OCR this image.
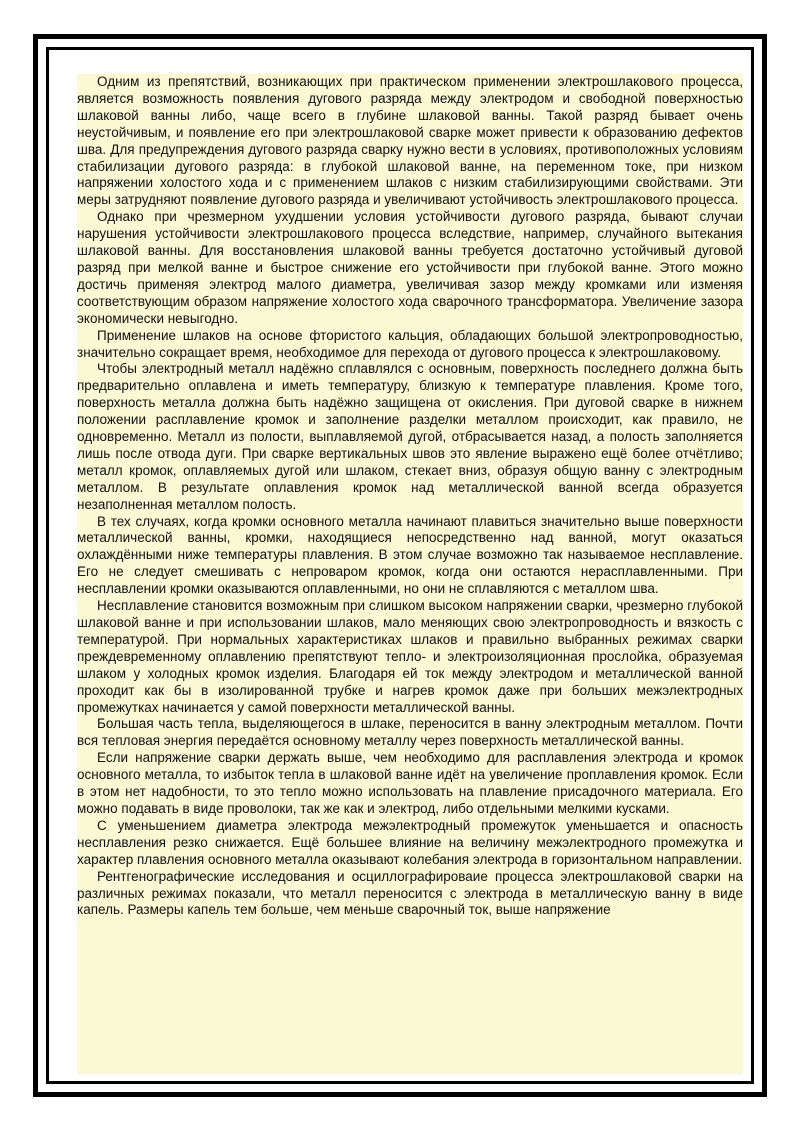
Одним из препятствий, возникающих при практическом применении электрошлакового процесса, является возможность появления дугового разряда между электродом и свободной поверхностью шлаковой ванны либо, чаще всего в глубине шлаковой ванны. Такой разряд бывает очень неустойчивым, и появление его при электрошлаковой сварке может привести к образованию дефектов шва. Для предупреждения дугового разряда сварку нужно вести в условиях, противоположных условиям стабилизации дугового разряда: в глубокой шлаковой ванне, на переменном токе, при низком напряжении холостого хода и с применением шлаков с низким стабилизирующими свойствами. Эти меры затрудняют появление дугового разряда и увеличивают устойчивость электрошлакового процесса.

Однако при чрезмерном ухудшении условия устойчивости дугового разряда, бывают случаи нарушения устойчивости электрошлакового процесса вследствие, например, случайного вытекания шлаковой ванны. Для восстановления шлаковой ванны требуется достаточно устойчивый дуговой разряд при мелкой ванне и быстрое снижение его устойчивости при глубокой ванне. Этого можно достичь применяя электрод малого диаметра, увеличивая зазор между кромками или изменяя соответствующим образом напряжение холостого хода сварочного трансформатора. Увеличение зазора экономически невыгодно.

Применение шлаков на основе фтористого кальция, обладающих большой электропроводностью, значительно сокращает время, необходимое для перехода от дугового процесса к электрошлаковому.

Чтобы электродный металл надёжно сплавлялся с основным, поверхность последнего должна быть предварительно оплавлена и иметь температуру, близкую к температуре плавления. Кроме того, поверхность металла должна быть надёжно защищена от окисления. При дуговой сварке в нижнем положении расплавление кромок и заполнение разделки металлом происходит, как правило, не одновременно. Металл из полости, выплавляемой дугой, отбрасывается назад, а полость заполняется лишь после отвода дуги. При сварке вертикальных швов это явление выражено ещё более отчётливо; металл кромок, оплавляемых дугой или шлаком, стекает вниз, образуя общую ванну с электродным металлом. В результате оплавления кромок над металлической ванной всегда образуется незаполненная металлом полость.

В тех случаях, когда кромки основного металла начинают плавиться значительно выше поверхности металлической ванны, кромки, находящиеся непосредственно над ванной, могут оказаться охлаждёнными ниже температуры плавления. В этом случае возможно так называемое несплавление. Его не следует смешивать с непроваром кромок, когда они остаются нерасплавленными. При несплавлении кромки оказываются оплавленными, но они не сплавляются с металлом шва.

Несплавление становится возможным при слишком высоком напряжении сварки, чрезмерно глубокой шлаковой ванне и при использовании шлаков, мало меняющих свою электропроводность и вязкость с температурой. При нормальных характеристиках шлаков и правильно выбранных режимах сварки преждевременному оплавлению препятствуют тепло- и электроизоляционная прослойка, образуемая шлаком у холодных кромок изделия. Благодаря ей ток между электродом и металлической ванной проходит как бы в изолированной трубке и нагрев кромок даже при больших межэлектродных промежутках начинается у самой поверхности металлической ванны.

Большая часть тепла, выделяющегося в шлаке, переносится в ванну электродным металлом. Почти вся тепловая энергия передаётся основному металлу через поверхность металлической ванны.

Если напряжение сварки держать выше, чем необходимо для расплавления электрода и кромок основного металла, то избыток тепла в шлаковой ванне идёт на увеличение проплавления кромок. Если в этом нет надобности, то это тепло можно использовать на плавление присадочного материала. Его можно подавать в виде проволоки, так же как и электрод, либо отдельными мелкими кусками.

С уменьшением диаметра электрода межэлектродный промежуток уменьшается и опасность несплавления резко снижается. Ещё большее влияние на величину межэлектродного промежутка и характер плавления основного металла оказывают колебания электрода в горизонтальном направлении.

Рентгенографические исследования и осциллографироваие процесса электрошлаковой сварки на различных режимах показали, что металл переносится с электрода в металлическую ванну в виде капель. Размеры капель тем больше, чем меньше сварочный ток, выше напряжение
